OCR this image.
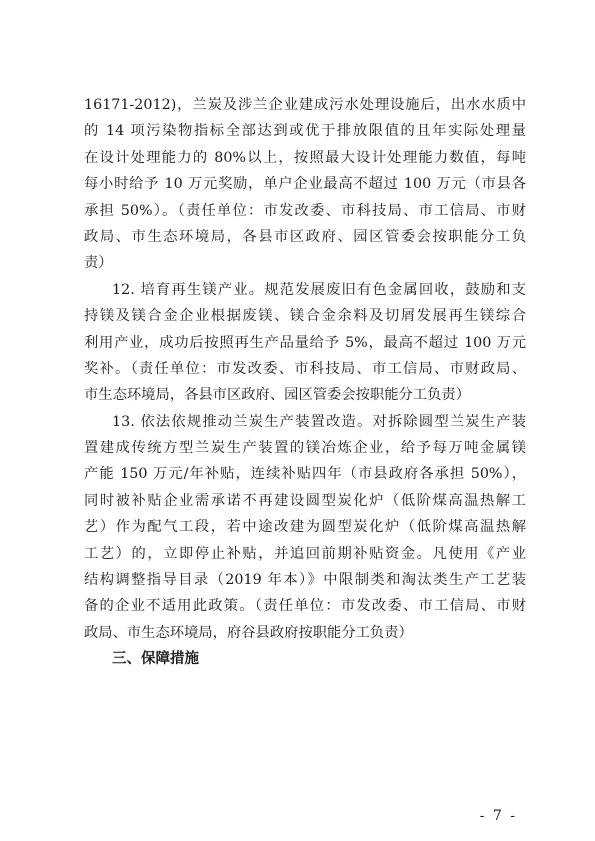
16171-2012)，兰炭及涉兰企业建成污水处理设施后，出水水质中
的 14 项污染物指标全部达到或优于排放限值的且年实际处理量
在设计处理能力的 80%以上，按照最大设计处理能力数值，每吨
每小时给予 10 万元奖励，单户企业最高不超过 100 万元（市县各
承担 50%）。（责任单位：市发改委、市科技局、市工信局、市财
政局、市生态环境局，各县市区政府、园区管委会按职能分工负
责）
12. 培育再生镁产业。规范发展废旧有色金属回收，鼓励和支
持镁及镁合金企业根据废镁、镁合金余料及切屑发展再生镁综合
利用产业，成功后按照再生产品量给予 5%，最高不超过 100 万元
奖补。（责任单位：市发改委、市科技局、市工信局、市财政局、
市生态环境局，各县市区政府、园区管委会按职能分工负责）
13. 依法依规推动兰炭生产装置改造。对拆除圆型兰炭生产装
置建成传统方型兰炭生产装置的镁冶炼企业，给予每万吨金属镁
产能 150 万元/年补贴，连续补贴四年（市县政府各承担 50%），
同时被补贴企业需承诺不再建设圆型炭化炉（低阶煤高温热解工
艺）作为配气工段，若中途改建为圆型炭化炉（低阶煤高温热解
工艺）的，立即停止补贴，并追回前期补贴资金。凡使用《产业
结构调整指导目录（2019 年本）》中限制类和淘汰类生产工艺装
备的企业不适用此政策。（责任单位：市发改委、市工信局、市财
政局、市生态环境局，府谷县政府按职能分工负责）
三、保障措施
- 7 -
